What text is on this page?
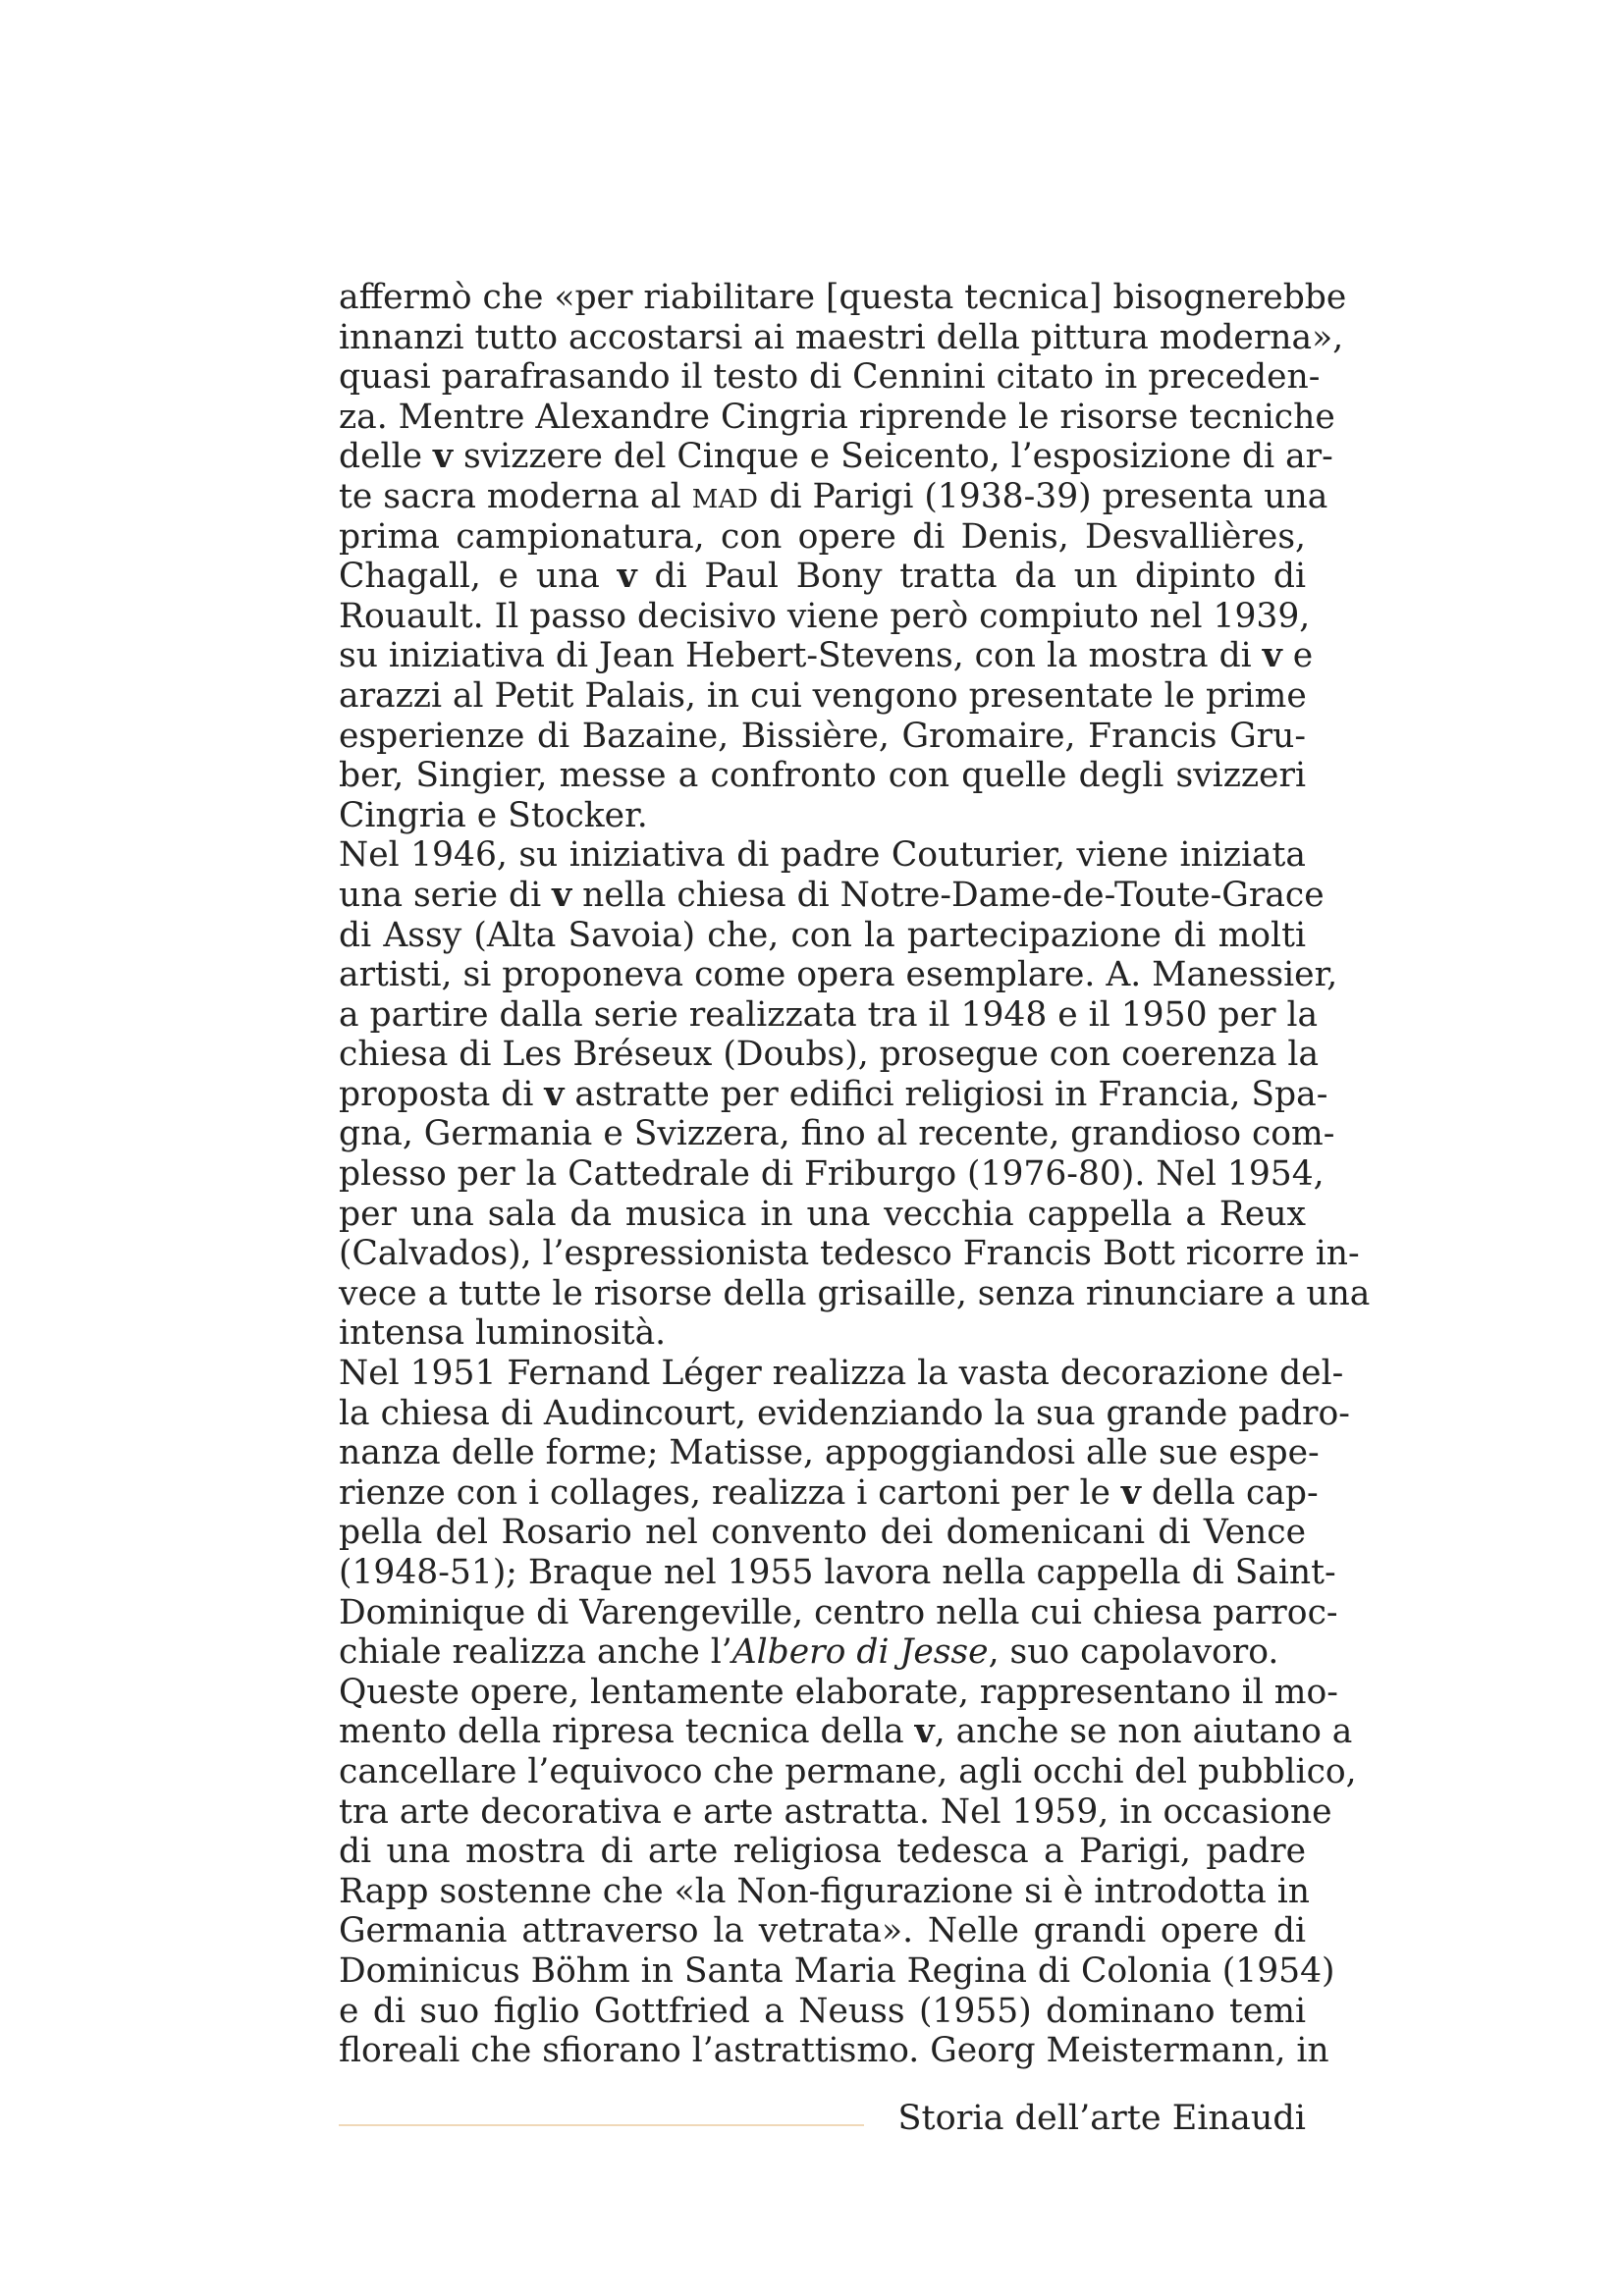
affermò che «per riabilitare [questa tecnica] bisognerebbe
innanzi tutto accostarsi ai maestri della pittura moderna»,
quasi parafrasando il testo di Cennini citato in preceden-
za. Mentre Alexandre Cingria riprende le risorse tecniche
delle v svizzere del Cinque e Seicento, l’esposizione di ar-
te sacra moderna al MAD di Parigi (1938-39) presenta una
prima campionatura, con opere di Denis, Desvallières,
Chagall, e una v di Paul Bony tratta da un dipinto di
Rouault. Il passo decisivo viene però compiuto nel 1939,
su iniziativa di Jean Hebert-Stevens, con la mostra di v e
arazzi al Petit Palais, in cui vengono presentate le prime
esperienze di Bazaine, Bissière, Gromaire, Francis Gru-
ber, Singier, messe a confronto con quelle degli svizzeri
Cingria e Stocker.
Nel 1946, su iniziativa di padre Couturier, viene iniziata
una serie di v nella chiesa di Notre-Dame-de-Toute-Grace
di Assy (Alta Savoia) che, con la partecipazione di molti
artisti, si proponeva come opera esemplare. A. Manessier,
a partire dalla serie realizzata tra il 1948 e il 1950 per la
chiesa di Les Bréseux (Doubs), prosegue con coerenza la
proposta di v astratte per edifici religiosi in Francia, Spa-
gna, Germania e Svizzera, fino al recente, grandioso com-
plesso per la Cattedrale di Friburgo (1976-80). Nel 1954,
per una sala da musica in una vecchia cappella a Reux
(Calvados), l’espressionista tedesco Francis Bott ricorre in-
vece a tutte le risorse della grisaille, senza rinunciare a una
intensa luminosità.
Nel 1951 Fernand Léger realizza la vasta decorazione del-
la chiesa di Audincourt, evidenziando la sua grande padro-
nanza delle forme; Matisse, appoggiandosi alle sue espe-
rienze con i collages, realizza i cartoni per le v della cap-
pella del Rosario nel convento dei domenicani di Vence
(1948-51); Braque nel 1955 lavora nella cappella di Saint-
Dominique di Varengeville, centro nella cui chiesa parroc-
chiale realizza anche l’Albero di Jesse, suo capolavoro.
Queste opere, lentamente elaborate, rappresentano il mo-
mento della ripresa tecnica della v, anche se non aiutano a
cancellare l’equivoco che permane, agli occhi del pubblico,
tra arte decorativa e arte astratta. Nel 1959, in occasione
di una mostra di arte religiosa tedesca a Parigi, padre
Rapp sostenne che «la Non-figurazione si è introdotta in
Germania attraverso la vetrata». Nelle grandi opere di
Dominicus Böhm in Santa Maria Regina di Colonia (1954)
e di suo figlio Gottfried a Neuss (1955) dominano temi
floreali che sfiorano l’astrattismo. Georg Meistermann, in
Storia dell’arte Einaudi
